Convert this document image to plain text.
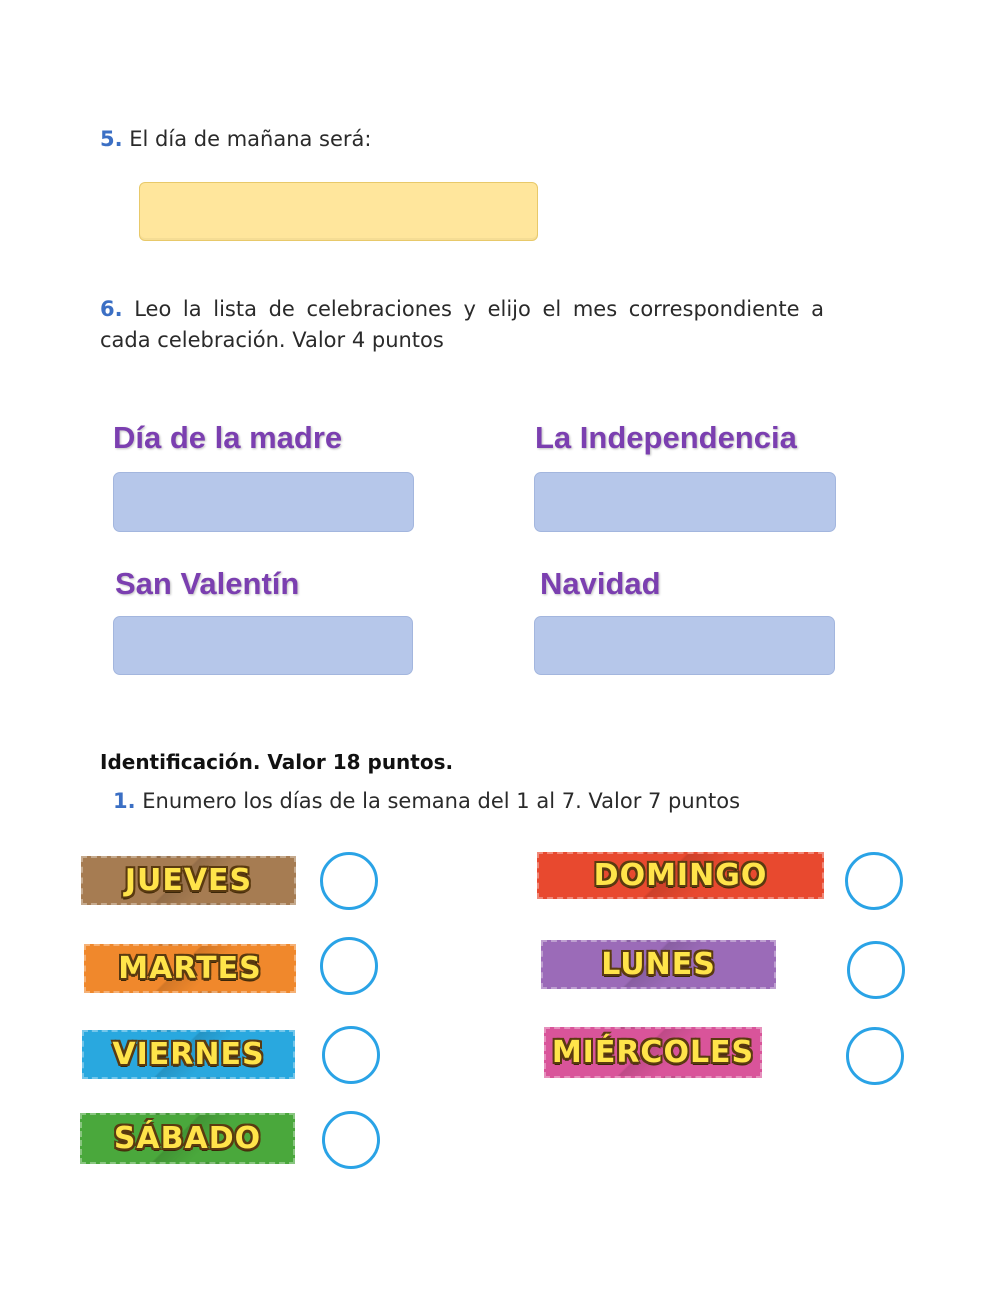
5. El día de mañana será:
6. Leo la lista de celebraciones y elijo el mes correspondiente a
cada celebración. Valor 4 puntos
Día de la madre	La Independencia
San Valentín	Navidad
Identificación. Valor 18 puntos.
1. Enumero los días de la semana del 1 al 7. Valor 7 puntos
JUEVES
MARTES
VIERNES
SÁBADO
DOMINGO
LUNES
MIÉRCOLES
